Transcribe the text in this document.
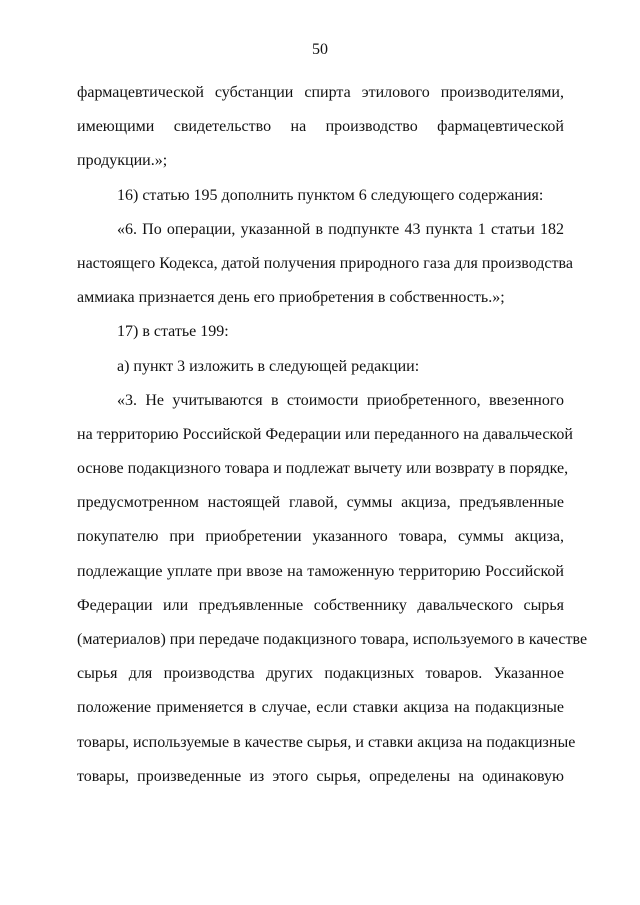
50
фармацевтической субстанции спирта этилового производителями,
имеющими свидетельство на производство фармацевтической
продукции.»;
16) статью 195 дополнить пунктом 6 следующего содержания:
«6. По операции, указанной в подпункте 43 пункта 1 статьи 182
настоящего Кодекса, датой получения природного газа для производства
аммиака признается день его приобретения в собственность.»;
17) в статье 199:
а) пункт 3 изложить в следующей редакции:
«3. Не учитываются в стоимости приобретенного, ввезенного
на территорию Российской Федерации или переданного на давальческой
основе подакцизного товара и подлежат вычету или возврату в порядке,
предусмотренном настоящей главой, суммы акциза, предъявленные
покупателю при приобретении указанного товара, суммы акциза,
подлежащие уплате при ввозе на таможенную территорию Российской
Федерации или предъявленные собственнику давальческого сырья
(материалов) при передаче подакцизного товара, используемого в качестве
сырья для производства других подакцизных товаров. Указанное
положение применяется в случае, если ставки акциза на подакцизные
товары, используемые в качестве сырья, и ставки акциза на подакцизные
товары, произведенные из этого сырья, определены на одинаковую
